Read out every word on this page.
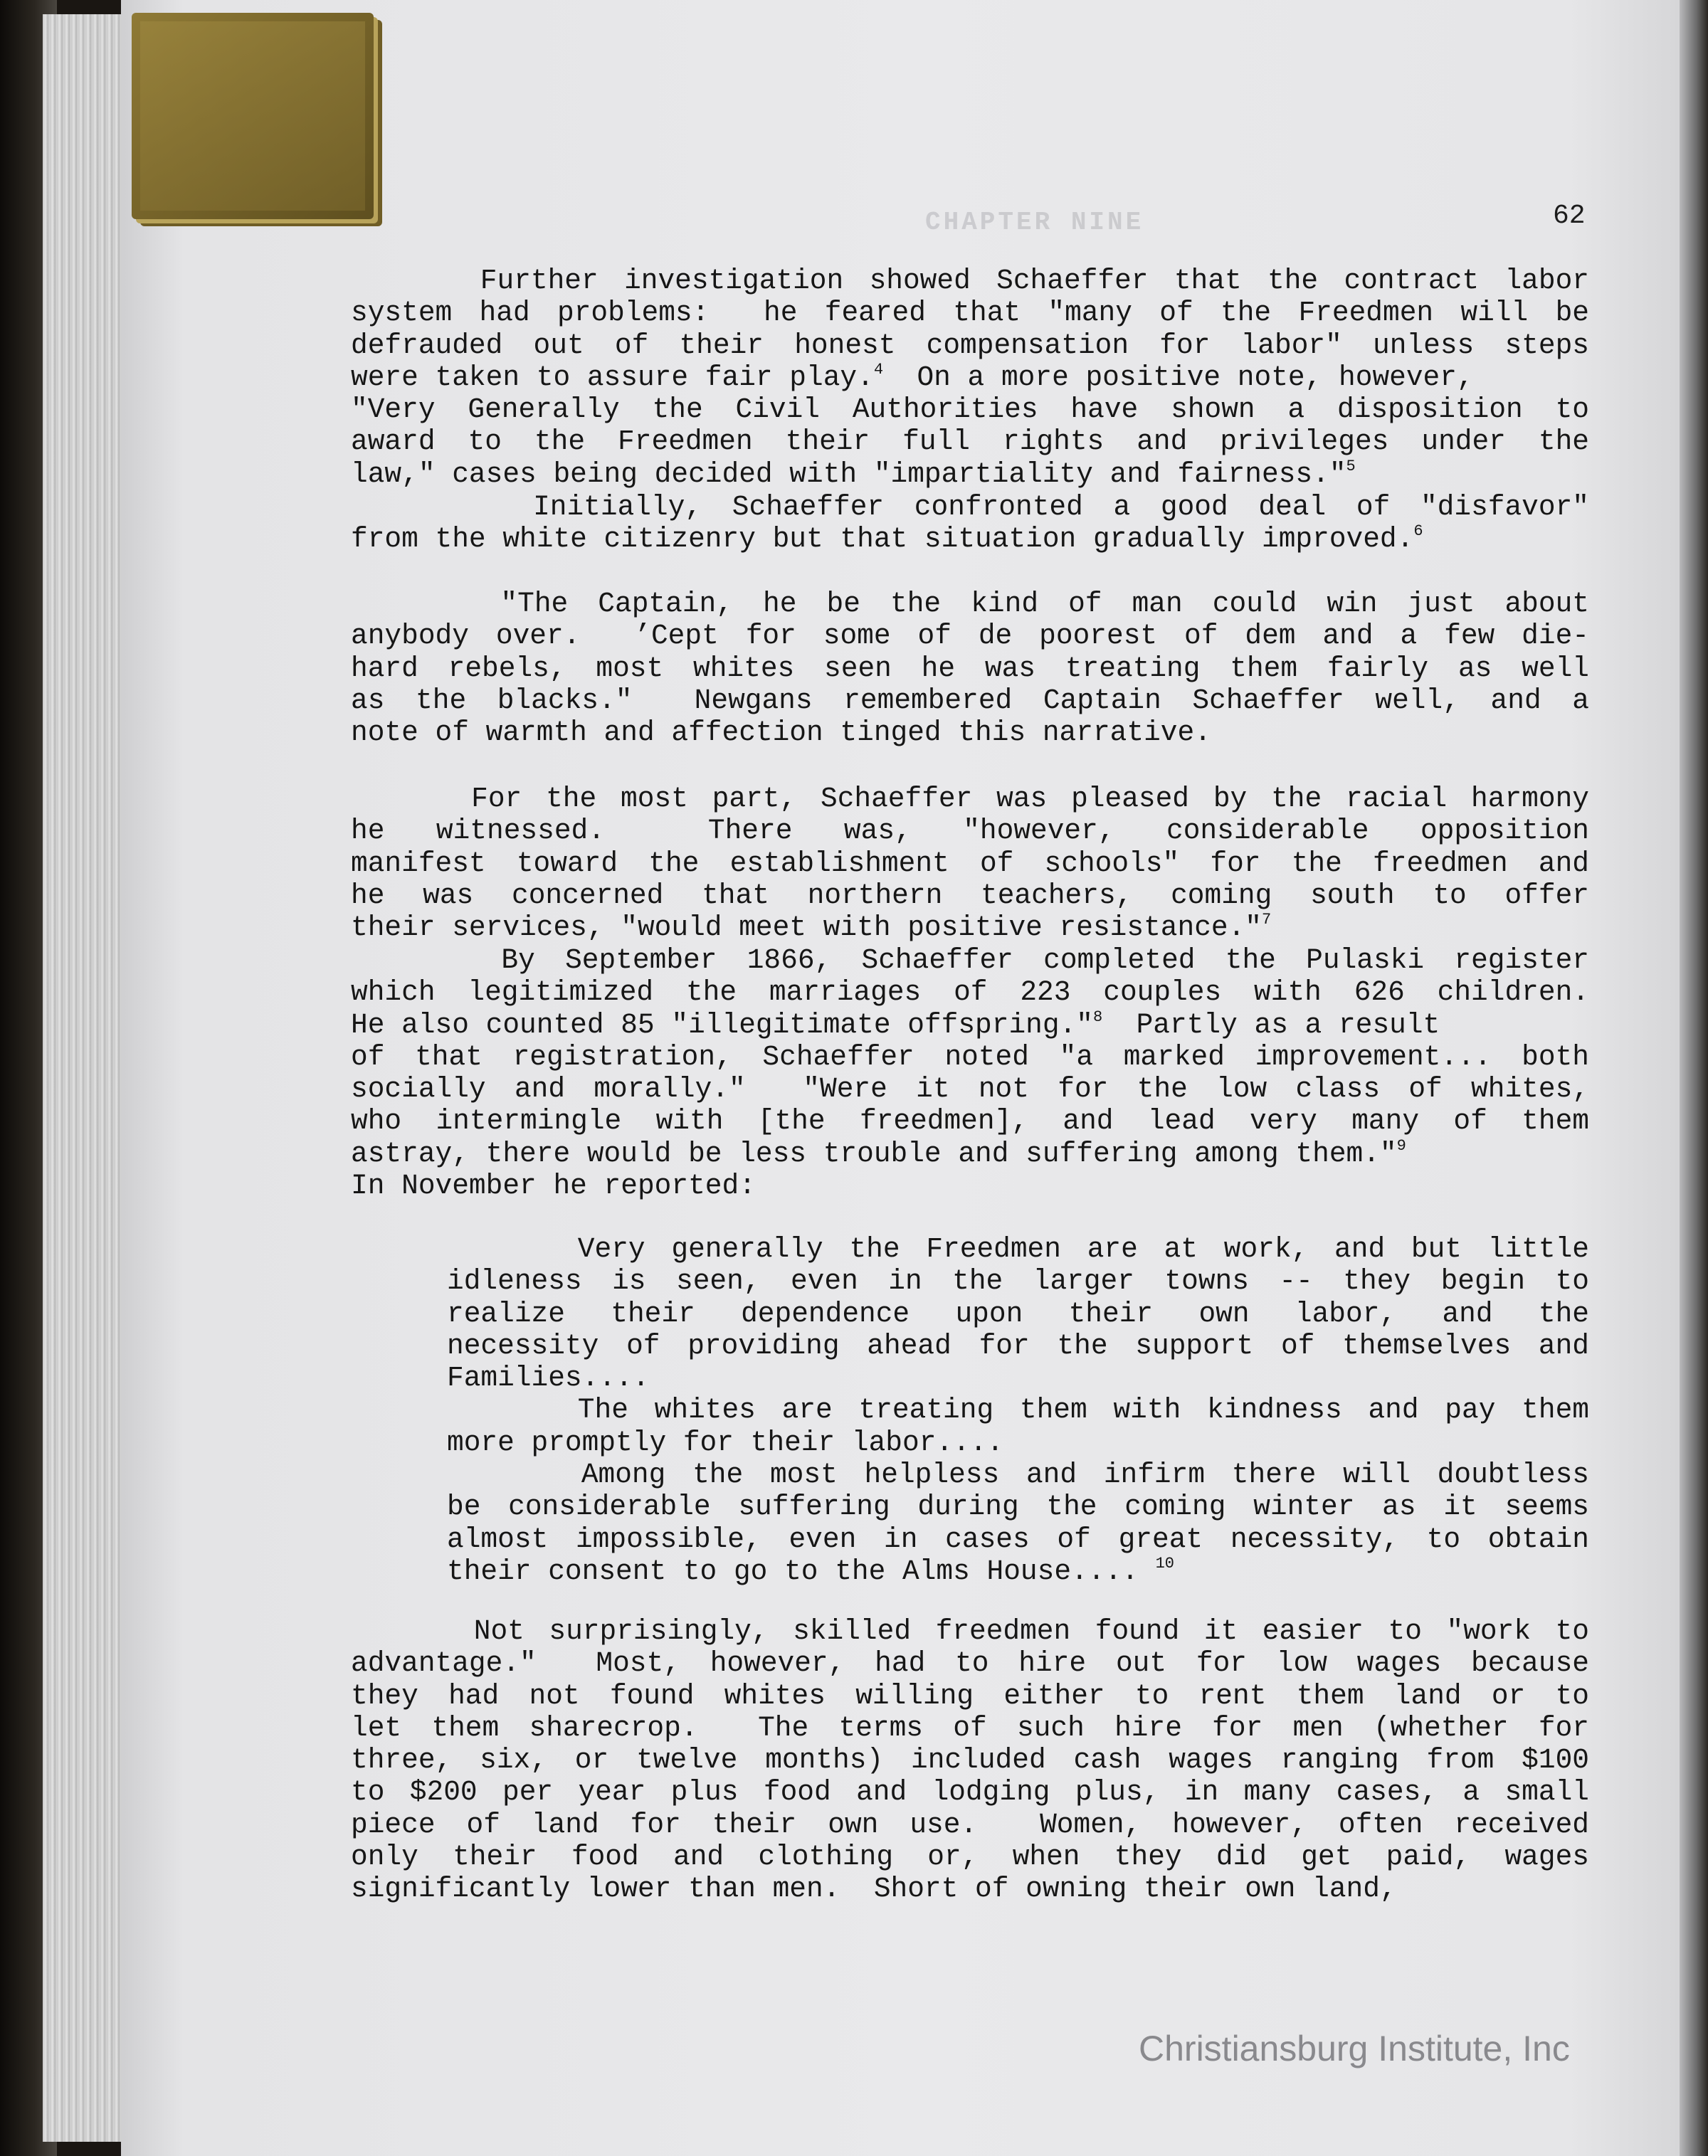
CHAPTER NINE	62
Further investigation showed Schaeffer that the contract labor
system had problems:  he feared that "many of the Freedmen will be
defrauded out of their honest compensation for labor" unless steps
were taken to assure fair play.$^4$  On a more positive note, however,
"Very Generally the Civil Authorities have shown a disposition to
award to the Freedmen their full rights and privileges under the
law," cases being decided with "impartiality and fairness."$^5$
Initially, Schaeffer confronted a good deal of "disfavor"
from the white citizenry but that situation gradually improved.$^6$
"The Captain, he be the kind of man could win just about
anybody over.  ’Cept for some of de poorest of dem and a few die-
hard rebels, most whites seen he was treating them fairly as well
as the blacks."  Newgans remembered Captain Schaeffer well, and a
note of warmth and affection tinged this narrative.
For the most part, Schaeffer was pleased by the racial harmony
he witnessed.  There was, "however, considerable opposition
manifest toward the establishment of schools" for the freedmen and
he was concerned that northern teachers, coming south to offer
their services, "would meet with positive resistance."$^7$
By September 1866, Schaeffer completed the Pulaski register
which legitimized the marriages of 223 couples with 626 children.
He also counted 85 "illegitimate offspring."$^8$  Partly as a result
of that registration, Schaeffer noted "a marked improvement... both
socially and morally."  "Were it not for the low class of whites,
who intermingle with [the freedmen], and lead very many of them
astray, there would be less trouble and suffering among them."$^9$
In November he reported:
Very generally the Freedmen are at work, and but little
idleness is seen, even in the larger towns -- they begin to
realize their dependence upon their own labor, and the
necessity of providing ahead for the support of themselves and
Families....
The whites are treating them with kindness and pay them
more promptly for their labor....
Among the most helpless and infirm there will doubtless
be considerable suffering during the coming winter as it seems
almost impossible, even in cases of great necessity, to obtain
their consent to go to the Alms House.... $^{10}$
Not surprisingly, skilled freedmen found it easier to "work to
advantage."  Most, however, had to hire out for low wages because
they had not found whites willing either to rent them land or to
let them sharecrop.  The terms of such hire for men (whether for
three, six, or twelve months) included cash wages ranging from $100
to $200 per year plus food and lodging plus, in many cases, a small
piece of land for their own use.  Women, however, often received
only their food and clothing or, when they did get paid, wages
significantly lower than men.  Short of owning their own land,
Christiansburg Institute, Inc
